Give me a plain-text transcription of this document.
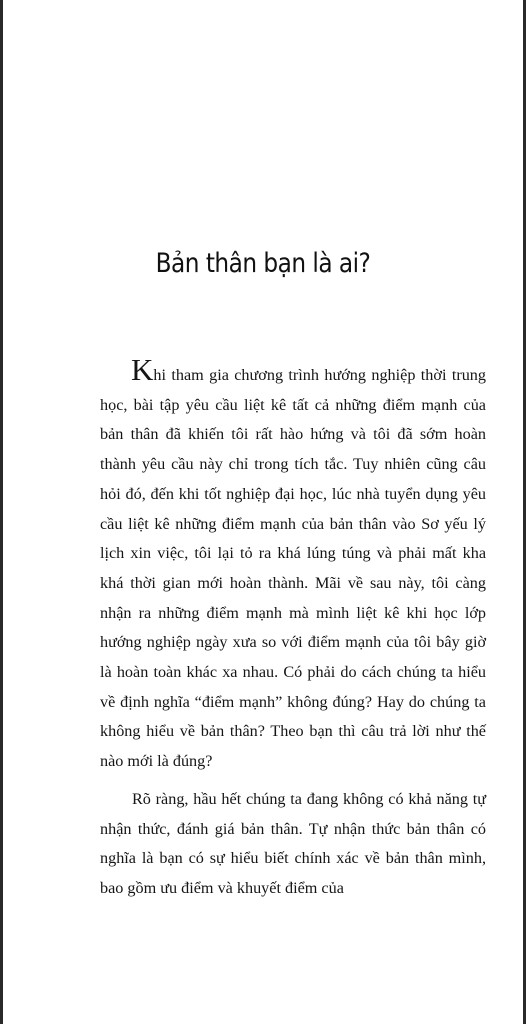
Bản thân bạn là ai?

Khi tham gia chương trình hướng nghiệp thời trung học, bài tập yêu cầu liệt kê tất cả những điểm mạnh của bản thân đã khiến tôi rất hào hứng và tôi đã sớm hoàn thành yêu cầu này chỉ trong tích tắc. Tuy nhiên cũng câu hỏi đó, đến khi tốt nghiệp đại học, lúc nhà tuyển dụng yêu cầu liệt kê những điểm mạnh của bản thân vào Sơ yếu lý lịch xin việc, tôi lại tỏ ra khá lúng túng và phải mất kha khá thời gian mới hoàn thành. Mãi về sau này, tôi càng nhận ra những điểm mạnh mà mình liệt kê khi học lớp hướng nghiệp ngày xưa so với điểm mạnh của tôi bây giờ là hoàn toàn khác xa nhau. Có phải do cách chúng ta hiểu về định nghĩa “điểm mạnh” không đúng? Hay do chúng ta không hiểu về bản thân? Theo bạn thì câu trả lời như thế nào mới là đúng?

Rõ ràng, hầu hết chúng ta đang không có khả năng tự nhận thức, đánh giá bản thân. Tự nhận thức bản thân có nghĩa là bạn có sự hiểu biết chính xác về bản thân mình, bao gồm ưu điểm và khuyết điểm của
